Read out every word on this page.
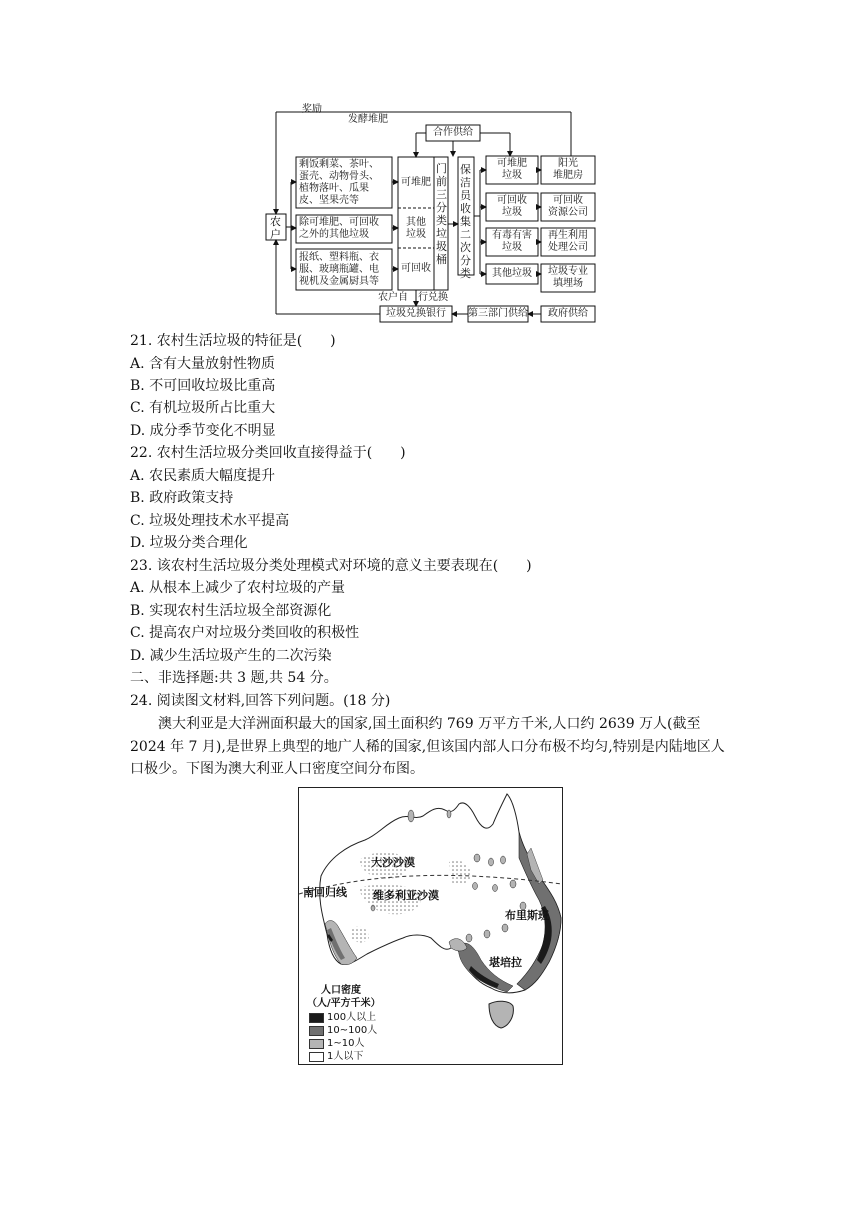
奖励
发酵堆肥
合作供给
农户
剩饭剩菜、茶叶、
蛋壳、动物骨头、
植物落叶、瓜果
皮、坚果壳等
除可堆肥、可回收
之外的其他垃圾
报纸、塑料瓶、衣
服、玻璃瓶罐、电
视机及金属厨具等
可堆肥
其他
垃圾
可回收
门前三分类垃圾桶
保洁员收集二次分类
可堆肥
垃圾
可回收
垃圾
有毒有害
垃圾
其他垃圾
阳光
堆肥房
可回收
资源公司
再生利用
处理公司
垃圾专业
填埋场
农户自　行兑换
垃圾兑换银行	第三部门供给	政府供给
21. 农村生活垃圾的特征是(　　)
A. 含有大量放射性物质
B. 不可回收垃圾比重高
C. 有机垃圾所占比重大
D. 成分季节变化不明显
22. 农村生活垃圾分类回收直接得益于(　　)
A. 农民素质大幅度提升
B. 政府政策支持
C. 垃圾处理技术水平提高
D. 垃圾分类合理化
23. 该农村生活垃圾分类处理模式对环境的意义主要表现在(　　)
A. 从根本上减少了农村垃圾的产量
B. 实现农村生活垃圾全部资源化
C. 提高农户对垃圾分类回收的积极性
D. 减少生活垃圾产生的二次污染
二、非选择题:共 3 题,共 54 分。
24. 阅读图文材料,回答下列问题。(18 分)
澳大利亚是大洋洲面积最大的国家,国土面积约 769 万平方千米,人口约 2639 万人(截至 2024 年 7 月),是世界上典型的地广人稀的国家,但该国内部人口分布极不均匀,特别是内陆地区人口极少。下图为澳大利亚人口密度空间分布图。
大沙沙漠
维多利亚沙漠
南回归线
布里斯班
堪培拉
人口密度
（人/平方千米）
100人以上
10~100人
1~10人
1人以下
